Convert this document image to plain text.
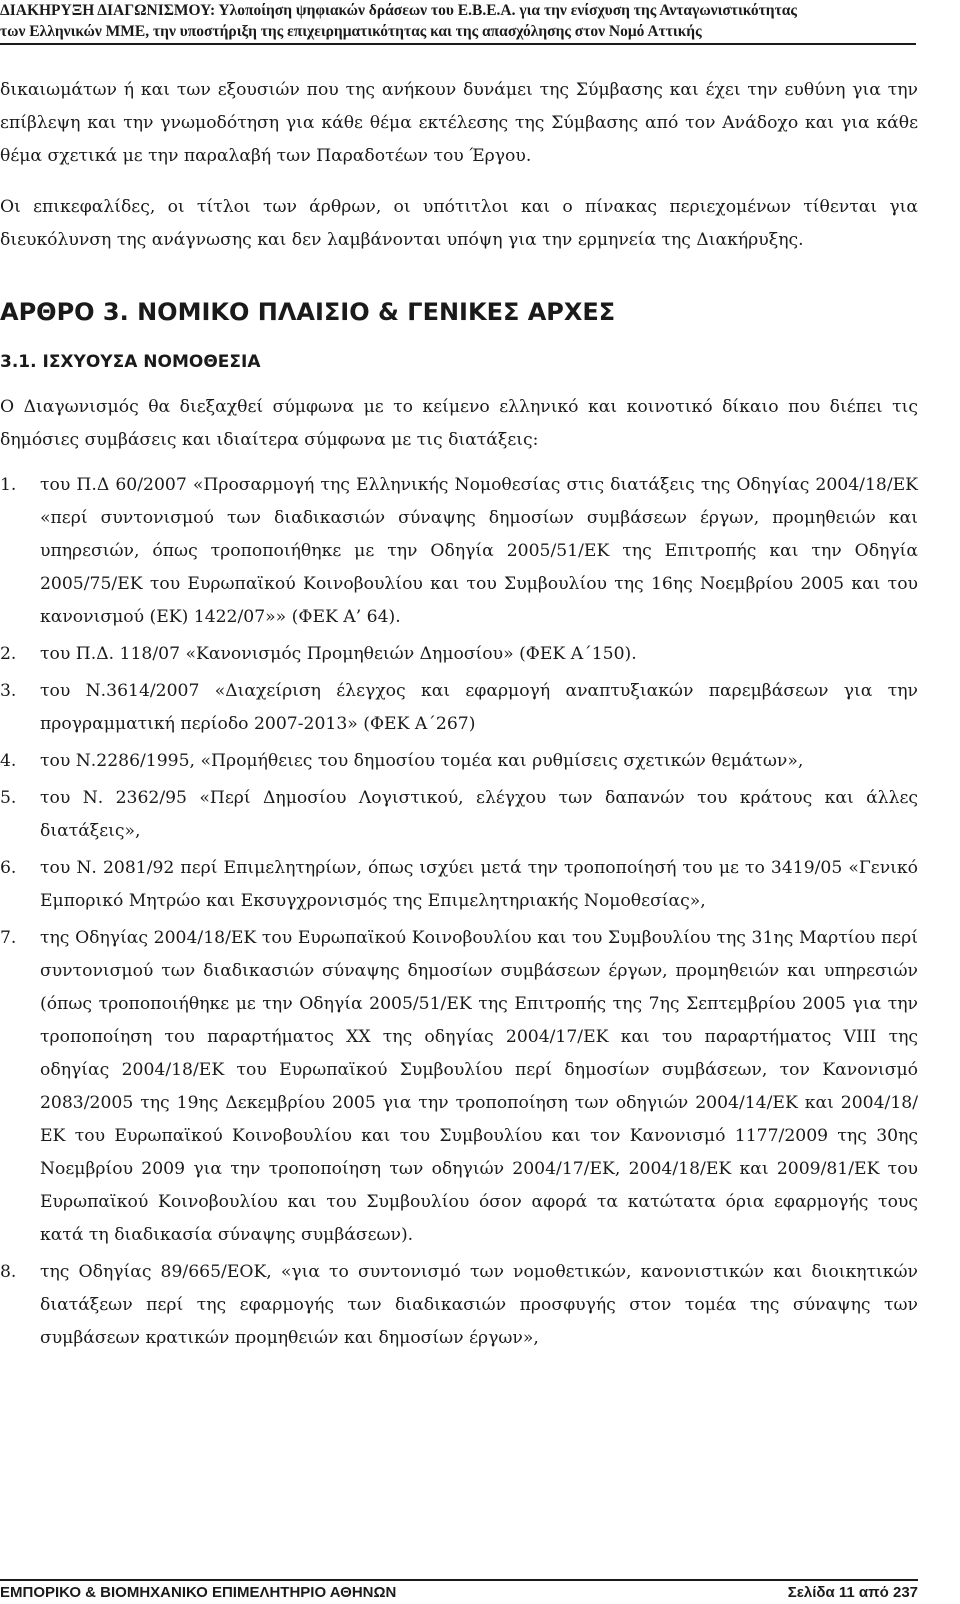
ΔΙΑΚΗΡΥΞΗ ΔΙΑΓΩΝΙΣΜΟΥ: Υλοποίηση ψηφιακών δράσεων του Ε.Β.Ε.Α. για την ενίσχυση της Ανταγωνιστικότητας
των Ελληνικών ΜΜΕ, την υποστήριξη της επιχειρηματικότητας και της απασχόλησης στον Νομό Αττικής

δικαιωμάτων ή και των εξουσιών που της ανήκουν δυνάμει της Σύμβασης και έχει την ευθύνη για την επίβλεψη και την γνωμοδότηση για κάθε θέμα εκτέλεσης της Σύμβασης από τον Ανάδοχο και για κάθε θέμα σχετικά με την παραλαβή των Παραδοτέων του Έργου.

Οι επικεφαλίδες, οι τίτλοι των άρθρων, οι υπότιτλοι και ο πίνακας περιεχομένων τίθενται για διευκόλυνση της ανάγνωσης και δεν λαμβάνονται υπόψη για την ερμηνεία της Διακήρυξης.

ΑΡΘΡΟ 3. ΝΟΜΙΚΟ ΠΛΑΙΣΙΟ & ΓΕΝΙΚΕΣ ΑΡΧΕΣ
3.1. ΙΣΧΥΟΥΣΑ ΝΟΜΟΘΕΣΙΑ

Ο Διαγωνισμός θα διεξαχθεί σύμφωνα με το κείμενο ελληνικό και κοινοτικό δίκαιο που διέπει τις δημόσιες συμβάσεις και ιδιαίτερα σύμφωνα με τις διατάξεις:

1.	του Π.Δ 60/2007 «Προσαρμογή της Ελληνικής Νομοθεσίας στις διατάξεις της Οδηγίας 2004/18/ΕΚ «περί συντονισμού των διαδικασιών σύναψης δημοσίων συμβάσεων έργων, προμηθειών και υπηρεσιών, όπως τροποποιήθηκε με την Οδηγία 2005/51/ΕΚ της Επιτροπής και την Οδηγία 2005/75/ΕΚ του Ευρωπαϊκού Κοινοβουλίου και του Συμβουλίου της 16ης Νοεμβρίου 2005 και του κανονισμού (ΕΚ) 1422/07»» (ΦΕΚ Α’ 64).
2.	του Π.Δ. 118/07 «Κανονισμός Προμηθειών Δημοσίου» (ΦΕΚ Α΄150).
3.	του Ν.3614/2007 «Διαχείριση έλεγχος και εφαρμογή αναπτυξιακών παρεμβάσεων για την προγραμματική περίοδο 2007-2013» (ΦΕΚ Α΄267)
4.	του Ν.2286/1995, «Προμήθειες του δημοσίου τομέα και ρυθμίσεις σχετικών θεμάτων»,
5.	του Ν. 2362/95 «Περί Δημοσίου Λογιστικού, ελέγχου των δαπανών του κράτους και άλλες διατάξεις»,
6.	του Ν. 2081/92 περί Επιμελητηρίων, όπως ισχύει μετά την τροποποίησή του με το 3419/05 «Γενικό Εμπορικό Μητρώο και Εκσυγχρονισμός της Επιμελητηριακής Νομοθεσίας»,
7.	της Οδηγίας 2004/18/ΕΚ του Ευρωπαϊκού Κοινοβουλίου και του Συμβουλίου της 31ης Μαρτίου περί συντονισμού των διαδικασιών σύναψης δημοσίων συμβάσεων έργων, προμηθειών και υπηρεσιών (όπως τροποποιήθηκε με την Οδηγία 2005/51/ΕΚ της Επιτροπής της 7ης Σεπτεμβρίου 2005 για την τροποποίηση του παραρτήματος ΧΧ της οδηγίας 2004/17/ΕΚ και του παραρτήματος VIII της οδηγίας 2004/18/ΕΚ του Ευρωπαϊκού Συμβουλίου περί δημοσίων συμβάσεων, τον Κανονισμό 2083/2005 της 19ης Δεκεμβρίου 2005 για την τροποποίηση των οδηγιών 2004/14/ΕΚ και 2004/18/ΕΚ του Ευρωπαϊκού Κοινοβουλίου και του Συμβουλίου και τον Κανονισμό 1177/2009 της 30ης Νοεμβρίου 2009 για την τροποποίηση των οδηγιών 2004/17/ΕΚ, 2004/18/ΕΚ και 2009/81/ΕΚ του Ευρωπαϊκού Κοινοβουλίου και του Συμβουλίου όσον αφορά τα κατώτατα όρια εφαρμογής τους κατά τη διαδικασία σύναψης συμβάσεων).
8.	της Οδηγίας 89/665/ΕΟΚ, «για το συντονισμό των νομοθετικών, κανονιστικών και διοικητικών διατάξεων περί της εφαρμογής των διαδικασιών προσφυγής στον τομέα της σύναψης των συμβάσεων κρατικών προμηθειών και δημοσίων έργων»,
ΕΜΠΟΡΙΚΟ & ΒΙΟΜΗΧΑΝΙΚΟ ΕΠΙΜΕΛΗΤΗΡΙΟ ΑΘΗΝΩΝ	Σελίδα 11 από 237
